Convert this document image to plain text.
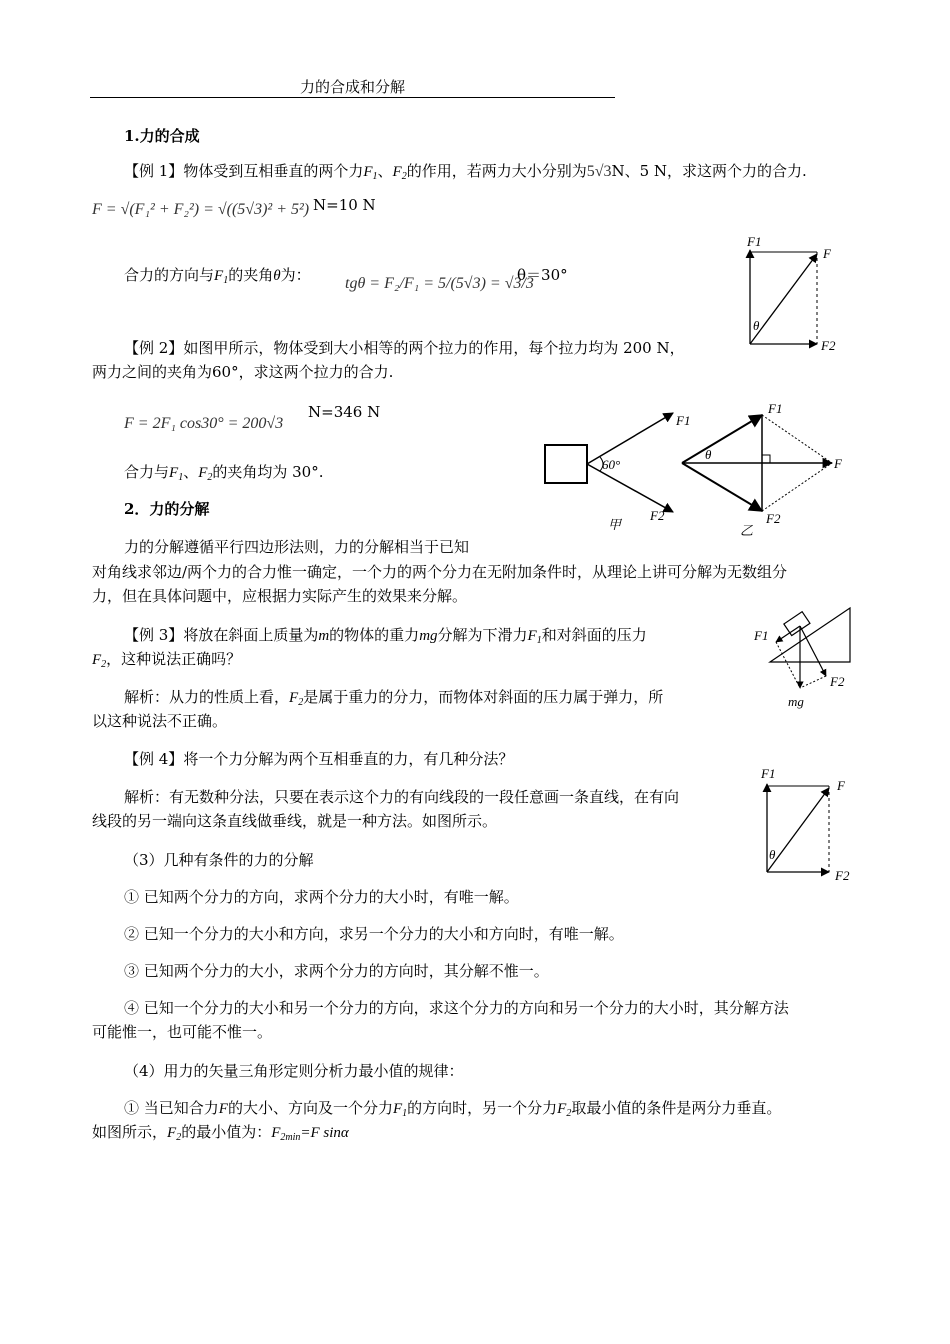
力的合成和分解
1.力的合成
【例 1】物体受到互相垂直的两个力$F_1$、$F_2$的作用，若两力大小分别为5√3N、5 N，求这两个力的合力.
F = √(F₁² + F₂²) = √((5√3)² + 5²) N=10 N
合力的方向与$F_1$的夹角θ为： tgθ = F₂/F₁ = 5/(5√3) = √3/3
θ＝30°
F1
F
F2
θ
【例 2】如图甲所示，物体受到大小相等的两个拉力的作用，每个拉力均为 200 N，
两力之间的夹角为60°，求这两个拉力的合力.
F = 2F₁ cos30° = 200√3
N=346 N
合力与$F_1$、$F_2$的夹角均为 30°.	60°
F1
F2
甲
θ
F1
F
F2
乙
2．力的分解
力的分解遵循平行四边形法则，力的分解相当于已知
对角线求邻边/两个力的合力惟一确定，一个力的两个分力在无附加条件时，从理论上讲可分解为无数组分
力，但在具体问题中，应根据力实际产生的效果来分解。
【例 3】将放在斜面上质量为m的物体的重力mg分解为下滑力$F_1$和对斜面的压力
$F_2$，这种说法正确吗？
解析：从力的性质上看，$F_2$是属于重力的分力，而物体对斜面的压力属于弹力，所
以这种说法不正确。
F1
F2
mg
【例 4】将一个力分解为两个互相垂直的力，有几种分法？
解析：有无数种分法，只要在表示这个力的有向线段的一段任意画一条直线，在有向
线段的另一端向这条直线做垂线，就是一种方法。如图所示。
F1
F
F2
θ
（3）几种有条件的力的分解
① 已知两个分力的方向，求两个分力的大小时，有唯一解。
② 已知一个分力的大小和方向，求另一个分力的大小和方向时，有唯一解。
③ 已知两个分力的大小，求两个分力的方向时，其分解不惟一。
④ 已知一个分力的大小和另一个分力的方向，求这个分力的方向和另一个分力的大小时，其分解方法
可能惟一，也可能不惟一。
（4）用力的矢量三角形定则分析力最小值的规律：
① 当已知合力F的大小、方向及一个分力$F_1$的方向时，另一个分力$F_2$取最小值的条件是两分力垂直。
如图所示，$F_2$的最小值为：$F_{2min}=F$ sinα
